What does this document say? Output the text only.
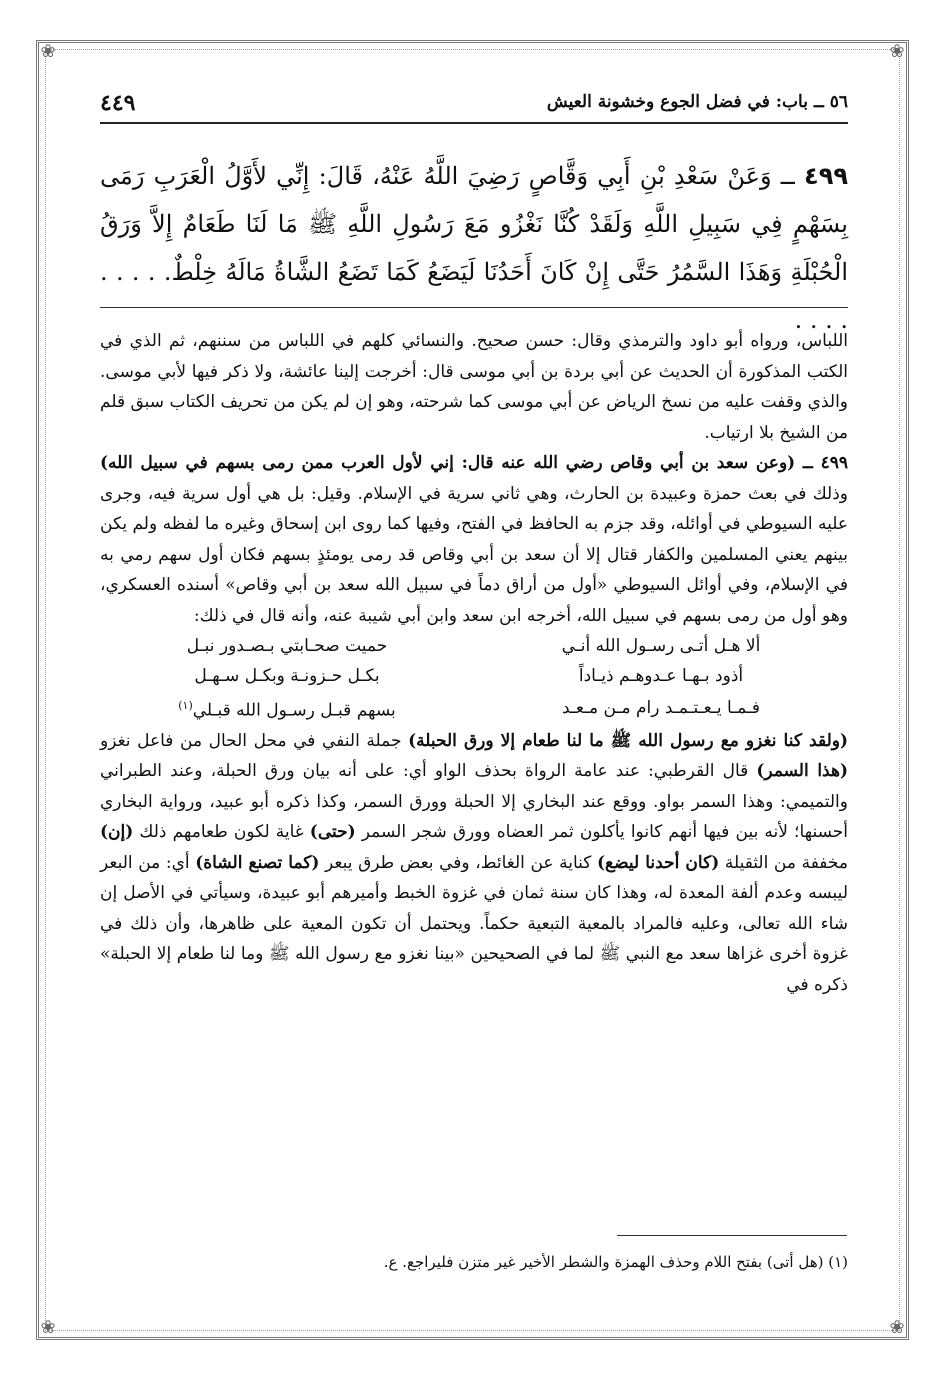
❀	❀
❀	❀
٥٦ ــ باب: في فضل الجوع وخشونة العيش
٤٤٩
٤٩٩ ــ وَعَنْ سَعْدِ بْنِ أَبِي وَقَّاصٍ رَضِيَ اللَّهُ عَنْهُ، قَالَ: إِنِّي لأَوَّلُ الْعَرَبِ رَمَى بِسَهْمٍ فِي سَبِيلِ اللَّهِ وَلَقَدْ كُنَّا نَغْزُو مَعَ رَسُولِ اللَّهِ ﷺ مَا لَنَا طَعَامٌ إِلاَّ وَرَقُ الْحُبْلَةِ وَهَذَا السَّمُرُ حَتَّى إِنْ كَانَ أَحَدُنَا لَيَضَعُ كَمَا تَضَعُ الشَّاةُ مَالَهُ خِلْطٌ. . . . . . . . .

اللباس، ورواه أبو داود والترمذي وقال: حسن صحيح. والنسائي كلهم في اللباس من سننهم، ثم الذي في الكتب المذكورة أن الحديث عن أبي بردة بن أبي موسى قال: أخرجت إلينا عائشة، ولا ذكر فيها لأبي موسى. والذي وقفت عليه من نسخ الرياض عن أبي موسى كما شرحته، وهو إن لم يكن من تحريف الكتاب سبق قلم من الشيخ بلا ارتياب.

٤٩٩ ــ (وعن سعد بن أبي وقاص رضي الله عنه قال: إني لأول العرب ممن رمى بسهم في سبيل الله) وذلك في بعث حمزة وعبيدة بن الحارث، وهي ثاني سرية في الإسلام. وقيل: بل هي أول سرية فيه، وجرى عليه السيوطي في أوائله، وقد جزم به الحافظ في الفتح، وفيها كما روى ابن إسحاق وغيره ما لفظه ولم يكن بينهم يعني المسلمين والكفار قتال إلا أن سعد بن أبي وقاص قد رمى يومئذٍ بسهم فكان أول سهم رمي به في الإسلام، وفي أوائل السيوطي «أول من أراق دماً في سبيل الله سعد بن أبي وقاص» أسنده العسكري، وهو أول من رمى بسهم في سبيل الله، أخرجه ابن سعد وابن أبي شيبة عنه، وأنه قال في ذلك:

ألا هـل أتـى رسـول الله أنـي	حميت صحـابتي بـصـدور نبـل
أذود بـهـا عـدوهـم ذيـاداً	بكـل حـزونـة وبكـل سـهـل
فـمـا يـعـتـمـد رام مـن مـعـد	بسهم قبـل رسـول الله قبـلي$^{(١)}$

(ولقد كنا نغزو مع رسول الله ﷺ ما لنا طعام إلا ورق الحبلة) جملة النفي في محل الحال من فاعل نغزو (هذا السمر) قال القرطبي: عند عامة الرواة بحذف الواو أي: على أنه بيان ورق الحبلة، وعند الطبراني والتميمي: وهذا السمر بواو. ووقع عند البخاري إلا الحبلة وورق السمر، وكذا ذكره أبو عبيد، ورواية البخاري أحسنها؛ لأنه بين فيها أنهم كانوا يأكلون ثمر العضاه وورق شجر السمر (حتى) غاية لكون طعامهم ذلك (إن) مخففة من الثقيلة (كان أحدنا ليضع) كناية عن الغائط، وفي بعض طرق يبعر (كما تصنع الشاة) أي: من البعر ليبسه وعدم ألفة المعدة له، وهذا كان سنة ثمان في غزوة الخبط وأميرهم أبو عبيدة، وسيأتي في الأصل إن شاء الله تعالى، وعليه فالمراد بالمعية التبعية حكماً. ويحتمل أن تكون المعية على ظاهرها، وأن ذلك في غزوة أخرى غزاها سعد مع النبي ﷺ لما في الصحيحين «بينا نغزو مع رسول الله ﷺ وما لنا طعام إلا الحبلة» ذكره في

(١) (هل أتى) بفتح اللام وحذف الهمزة والشطر الأخير غير متزن فليراجع. ع.
